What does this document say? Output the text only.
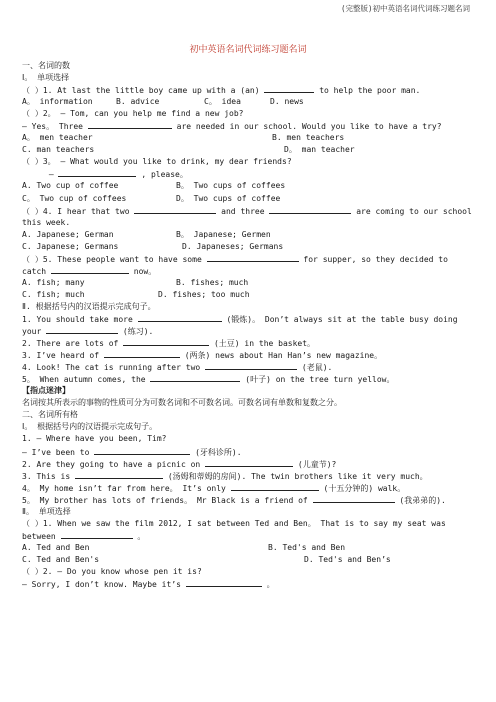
(完整版)初中英语名词代词练习题名词
初中英语名词代词练习题名词
一、名词的数
Ⅰ。 单项选择
（ ）1. At last the little boy came up with a (an)	to help the poor man.
A。 information	B. advice	C。 idea	D. news
（ ）2。 — Tom, can you help me find a new job?
— Yes。 Three	are needed in our school. Would you like to have a try?
A。 men teacher	B. men teachers
C. man teachers	D。 man teacher
（ ）3。 — What would you like to drink, my dear friends?
—	, please。
A. Two cup of coffee	B。 Two cups of coffees
C。 Two cup of coffees	D。 Two cups of coffee
（ ）4. I hear that two	and three	are coming to our school
this week.
A. Japanese; German	B。 Japanese; Germen
C. Japanese; Germans	D. Japaneses; Germans
（ ）5. These people want to have some	for supper, so they decided to
catch	now。
A. fish; many	B. fishes; much
C. fish; much	D. fishes; too much
Ⅱ. 根据括号内的汉语提示完成句子。
1. You should take more	(锻炼)。 Don’t always sit at the table busy doing
your	(练习).
2. There are lots of	(土豆) in the basket。
3. I’ve heard of	(两条) news about Han Han’s new magazine。
4. Look! The cat is running after two	(老鼠).
5。 When autumn comes, the	(叶子) on the tree turn yellow。
【指点迷津】
名词按其所表示的事物的性质可分为可数名词和不可数名词。可数名词有单数和复数之分。
二、名词所有格
Ⅰ。 根据括号内的汉语提示完成句子。
1. — Where have you been, Tim?
— I’ve been to	(牙科诊所).
2. Are they going to have a picnic on	(儿童节)?
3. This is	(汤姆和蒂姆的房间). The twin brothers like it very much。
4。 My home isn’t far from here。 It’s only	(十五分钟的) walk。
5。 My brother has lots of friends。 Mr Black is a friend of	(我弟弟的).
Ⅱ。 单项选择
（ ）1. When we saw the film 2012, I sat between Ted and Ben。 That is to say my seat was
between	。
A. Ted and Ben	B. Ted's and Ben
C. Ted and Ben's	D. Ted's and Ben’s
（ ）2. — Do you know whose pen it is?
— Sorry, I don’t know. Maybe it’s	。
